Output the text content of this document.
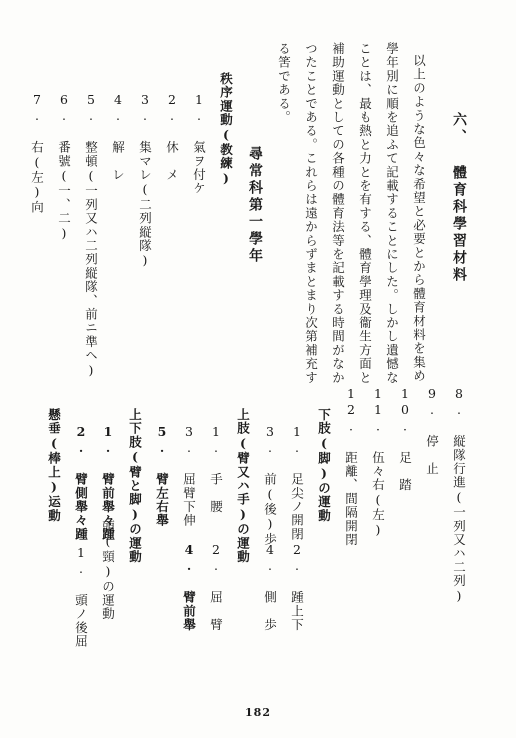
六、 體育科學習材料
以上のような色々な希望と必要とから體育材料を集め
學年別に順を追ふて記載することにした。しかし遺憾な
ことは、最も熱と力とを有する、體育學理及衞生方面と
補助運動としての各種の體育法等を記載する時間がなか
つたことである。これらは遠からずまとまり次第補充す
る筈である。
尋常科第一學年
秩序運動(教練)
1. 氣ヲ付ケ
2. 休　メ
3. 集マレ(二列縦隊)
4. 解　レ
5. 整頓(一列又ハ二列縦隊、前ニ準ヘ)
6. 番號(一、二)
7. 右(左)向
8. 縦隊行進(一列又ハ二列)
9. 停　止
10. 足　踏
11. 伍々右(左)
12. 距離、間隔開閉
下肢(脚)の運動
1. 足尖ノ開閉
2. 踵上下
3. 前(後)歩
4. 側　歩
上肢(臂又ハ手)の運動
1. 手　腰
2. 屈　臂
3. 屈臂下伸
4. 臂前舉
5. 臂左右舉
上下肢(臂と脚)の運動
1. 臂前舉々踵
2. 臂側舉々踵
頭(頸)の運動
1. 頭ノ後屈
懸垂(棒上)运動
182
